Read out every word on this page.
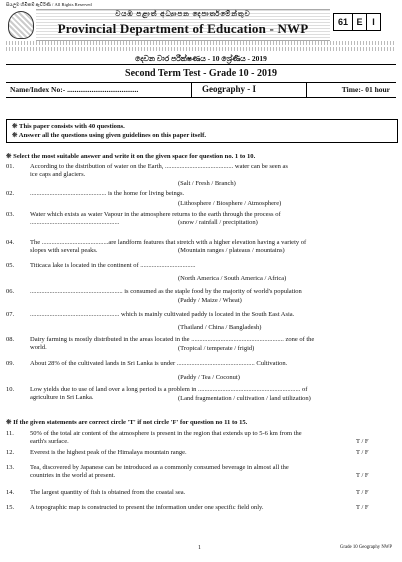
සියලුම හිමිකම් ඇවිරිණි / All Rights Reserved
වයඹ පළාත් අධ්‍යාපන දෙපාර්තමේන්තුව
Provincial Department of Education - NWP	61 E	I
දෙවන වාර පරීක්ෂණය - 10 ශ්‍රේණිය - 2019
Second Term Test - Grade 10 - 2019
Name/Index No:- ......................................	Geography - I	Time:- 01 hour
❊ This paper consists with 40 questions.
❊ Answer all the questions using given guidelines on this paper itself.
❊ Select the most suitable answer and write it on the given space for question no. 1 to 10.
01. According to the distribution of water on the Earth, .......................................... water can be seen as
ice caps and glaciers.
(Salt / Fresh / Branch)
02. ............................................... is the home for living beings.
(Lithosphere / Biosphere / Atmosphere)
03. Water which exists as water Vapour in the atmosphere returns to the earth through the process of
.......................................................	(snow / rainfall / precipitation)
04. The .........................................are landform features that stretch with a higher elevation having a variety of
slopes with several peaks.	(Mountain ranges / plateaus / mountains)
05. Titicaca lake is located in the continent of ..................................
(North America / South America / Africa)
06. ......................................................... is consumed as the staple food by the majority of world's population
(Paddy / Maize / Wheat)
07. ....................................................... which is mainly cultivated paddy is located in the South East Asia.
(Thailand / China / Bangladesh)
08. Dairy farming is mostly distributed in the areas located in the ......................................................... zone of the
world.	(Tropical / temperate / frigid)
09. About 28% of the cultivated lands in Sri Lanka is under ................................................ Cultivation.
(Paddy / Tea / Coconut)
10. Low yields due to use of land over a long period is a problem in ............................................................... of
agriculture in Sri Lanka.	(Land fragmentation / cultivation / land utilization)
❊ If the given statements are correct circle 'T' if not circle 'F' for question no 11 to 15.
11. 50% of the total air content of the atmosphere is present in the region that extends up to 5-6 km from the
earth's surface.	T / F
12. Everest is the highest peak of the Himalaya mountain range.	T / F
13. Tea, discovered by Japanese can be introduced as a commonly consumed beverage in almost all the
countries in the world at present.	T / F
14. The largest quantity of fish is obtained from the coastal sea.	T / F
15. A topographic map is constructed to present the information under one specific field only.	T / F
1	Grade 10 Geography NWP
